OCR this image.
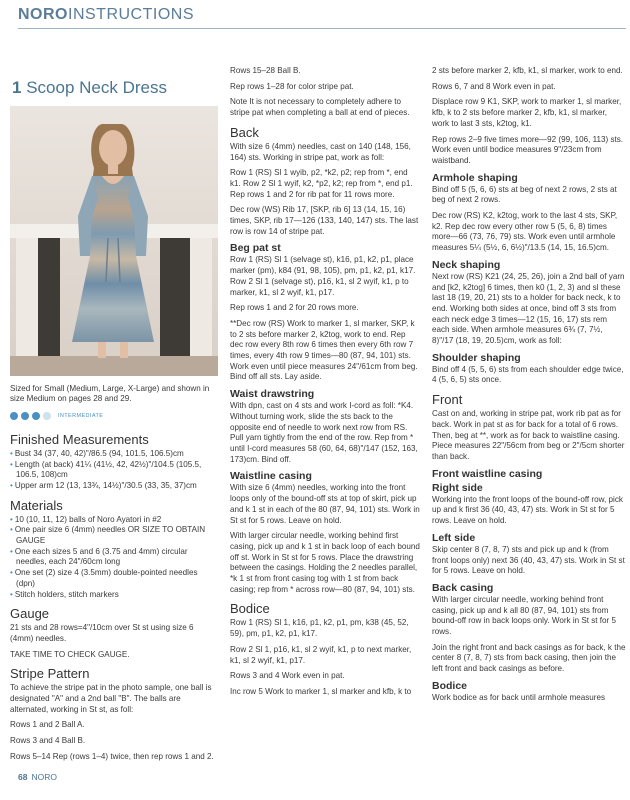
NOROINSTRUCTIONS
1 Scoop Neck Dress
Sized for Small (Medium, Large, X-Large) and shown in size Medium on pages 28 and 29.
INTERMEDIATE
Finished Measurements
• Bust 34 (37, 40, 42)"/86.5 (94, 101.5, 106.5)cm
• Length (at back) 41¼ (41½, 42, 42½)"/104.5 (105.5, 106.5, 108)cm
• Upper arm 12 (13, 13¾, 14½)"/30.5 (33, 35, 37)cm
Materials
• 10 (10, 11, 12) balls of Noro Ayatori in #2
• One pair size 6 (4mm) needles OR SIZE TO OBTAIN GAUGE
• One each sizes 5 and 6 (3.75 and 4mm) circular needles, each 24"/60cm long
• One set (2) size 4 (3.5mm) double-pointed needles (dpn)
• Stitch holders, stitch markers
Gauge
21 sts and 28 rows=4"/10cm over St st using size 6 (4mm) needles.
TAKE TIME TO CHECK GAUGE.
Stripe Pattern
To achieve the stripe pat in the photo sample, one ball is designated "A" and a 2nd ball "B". The balls are alternated, working in St st, as foll:
Rows 1 and 2 Ball A.
Rows 3 and 4 Ball B.
Rows 5–14 Rep (rows 1–4) twice, then rep rows 1 and 2.
Rows 15–28 Ball B.
Rep rows 1–28 for color stripe pat.
Note It is not necessary to completely adhere to stripe pat when completing a ball at end of pieces.
Back
With size 6 (4mm) needles, cast on 140 (148, 156, 164) sts. Working in stripe pat, work as foll:
Row 1 (RS) Sl 1 wyib, p2, *k2, p2; rep from *, end k1. Row 2 Sl 1 wyif, k2, *p2, k2; rep from *, end p1. Rep rows 1 and 2 for rib pat for 11 rows more.
Dec row (WS) Rib 17, [SKP, rib 6] 13 (14, 15, 16) times, SKP, rib 17—126 (133, 140, 147) sts. The last row is row 14 of stripe pat.
Beg pat st
Row 1 (RS) Sl 1 (selvage st), k16, p1, k2, p1, place marker (pm), k84 (91, 98, 105), pm, p1, k2, p1, k17. Row 2 Sl 1 (selvage st), p16, k1, sl 2 wyif, k1, p to marker, k1, sl 2 wyif, k1, p17.
Rep rows 1 and 2 for 20 rows more.
**Dec row (RS) Work to marker 1, sl marker, SKP, k to 2 sts before marker 2, k2tog, work to end. Rep dec row every 8th row 6 times then every 6th row 7 times, every 4th row 9 times—80 (87, 94, 101) sts. Work even until piece measures 24"/61cm from beg. Bind off all sts. Lay aside.
Waist drawstring
With dpn, cast on 4 sts and work I-cord as foll: *K4. Without turning work, slide the sts back to the opposite end of needle to work next row from RS. Pull yarn tightly from the end of the row. Rep from * until I-cord measures 58 (60, 64, 68)"/147 (152, 163, 173)cm. Bind off.
Waistline casing
With size 6 (4mm) needles, working into the front loops only of the bound-off sts at top of skirt, pick up and k 1 st in each of the 80 (87, 94, 101) sts. Work in St st for 5 rows. Leave on hold.
With larger circular needle, working behind first casing, pick up and k 1 st in back loop of each bound off st. Work in St st for 5 rows. Place the drawstring between the casings. Holding the 2 needles parallel, *k 1 st from front casing tog with 1 st from back casing; rep from * across row—80 (87, 94, 101) sts.
Bodice
Row 1 (RS) Sl 1, k16, p1, k2, p1, pm, k38 (45, 52, 59), pm, p1, k2, p1, k17.
Row 2 Sl 1, p16, k1, sl 2 wyif, k1, p to next marker, k1, sl 2 wyif, k1, p17.
Rows 3 and 4 Work even in pat.
Inc row 5 Work to marker 1, sl marker and kfb, k to
2 sts before marker 2, kfb, k1, sl marker, work to end.
Rows 6, 7 and 8 Work even in pat.
Displace row 9 K1, SKP, work to marker 1, sl marker, kfb, k to 2 sts before marker 2, kfb, k1, sl marker, work to last 3 sts, k2tog, k1.
Rep rows 2–9 five times more—92 (99, 106, 113) sts. Work even until bodice measures 9"/23cm from waistband.
Armhole shaping
Bind off 5 (5, 6, 6) sts at beg of next 2 rows, 2 sts at beg of next 2 rows.
Dec row (RS) K2, k2tog, work to the last 4 sts, SKP, k2. Rep dec row every other row 5 (5, 6, 8) times more—66 (73, 76, 79) sts. Work even until armhole measures 5¼ (5½, 6, 6½)"/13.5 (14, 15, 16.5)cm.
Neck shaping
Next row (RS) K21 (24, 25, 26), join a 2nd ball of yarn and [k2, k2tog] 6 times, then k0 (1, 2, 3) and sl these last 18 (19, 20, 21) sts to a holder for back neck, k to end. Working both sides at once, bind off 3 sts from each neck edge 3 times—12 (15, 16, 17) sts rem each side. When armhole measures 6¾ (7, 7½, 8)"/17 (18, 19, 20.5)cm, work as foll:
Shoulder shaping
Bind off 4 (5, 5, 6) sts from each shoulder edge twice, 4 (5, 6, 5) sts once.
Front
Cast on and, working in stripe pat, work rib pat as for back. Work in pat st as for back for a total of 6 rows. Then, beg at **, work as for back to waistline casing. Piece measures 22"/56cm from beg or 2"/5cm shorter than back.
Front waistline casing
Right side
Working into the front loops of the bound-off row, pick up and k first 36 (40, 43, 47) sts. Work in St st for 5 rows. Leave on hold.
Left side
Skip center 8 (7, 8, 7) sts and pick up and k (from front loops only) next 36 (40, 43, 47) sts. Work in St st for 5 rows. Leave on hold.
Back casing
With larger circular needle, working behind front casing, pick up and k all 80 (87, 94, 101) sts from bound-off row in back loops only. Work in St st for 5 rows.
Join the right front and back casings as for back, k the center 8 (7, 8, 7) sts from back casing, then join the left front and back casings as before.
Bodice
Work bodice as for back until armhole measures
68 NORO
